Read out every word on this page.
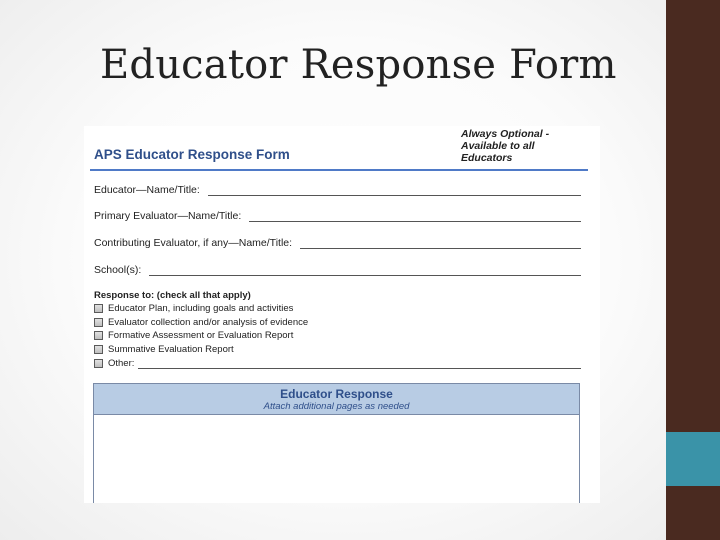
Educator Response Form
Always Optional - Available to all Educators
APS Educator Response Form
Educator—Name/Title:
Primary Evaluator—Name/Title:
Contributing Evaluator, if any—Name/Title:
School(s):
Response to: (check all that apply)
Educator Plan, including goals and activities
Evaluator collection and/or analysis of evidence
Formative Assessment or Evaluation Report
Summative Evaluation Report
Other:
Educator Response
Attach additional pages as needed
